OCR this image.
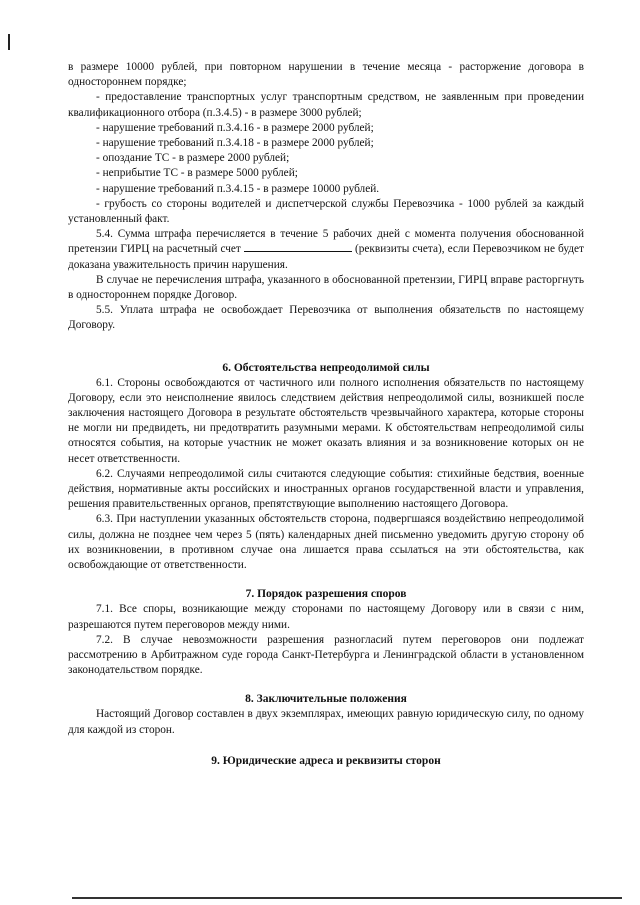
в размере 10000 рублей, при повторном нарушении в течение месяца - расторжение договора в одностороннем порядке;

- предоставление транспортных услуг транспортным средством, не заявленным при проведении квалификационного отбора (п.3.4.5) - в размере 3000 рублей;

- нарушение требований п.3.4.16 - в размере 2000 рублей;

- нарушение требований п.3.4.18 - в размере 2000 рублей;

- опоздание ТС - в размере 2000 рублей;

- неприбытие ТС - в размере 5000 рублей;

- нарушение требований п.3.4.15 - в размере 10000 рублей.

- грубость со стороны водителей и диспетчерской службы Перевозчика - 1000 рублей за каждый установленный факт.

5.4. Сумма штрафа перечисляется в течение 5 рабочих дней с момента получения обоснованной претензии ГИРЦ на расчетный счет	(реквизиты счета), если Перевозчиком не будет доказана уважительность причин нарушения.

В случае не перечисления штрафа, указанного в обоснованной претензии, ГИРЦ вправе расторгнуть в одностороннем порядке Договор.

5.5. Уплата штрафа не освобождает Перевозчика от выполнения обязательств по настоящему Договору.

6. Обстоятельства непреодолимой силы

6.1. Стороны освобождаются от частичного или полного исполнения обязательств по настоящему Договору, если это неисполнение явилось следствием действия непреодолимой силы, возникшей после заключения настоящего Договора в результате обстоятельств чрезвычайного характера, которые стороны не могли ни предвидеть, ни предотвратить разумными мерами. К обстоятельствам непреодолимой силы относятся события, на которые участник не может оказать влияния и за возникновение которых он не несет ответственности.

6.2. Случаями непреодолимой силы считаются следующие события: стихийные бедствия, военные действия, нормативные акты российских и иностранных органов государственной власти и управления, решения правительственных органов, препятствующие выполнению настоящего Договора.

6.3. При наступлении указанных обстоятельств сторона, подвергшаяся воздействию непреодолимой силы, должна не позднее чем через 5 (пять) календарных дней письменно уведомить другую сторону об их возникновении, в противном случае она лишается права ссылаться на эти обстоятельства, как освобождающие от ответственности.

7. Порядок разрешения споров

7.1. Все споры, возникающие между сторонами по настоящему Договору или в связи с ним, разрешаются путем переговоров между ними.

7.2. В случае невозможности разрешения разногласий путем переговоров они подлежат рассмотрению в Арбитражном суде города Санкт-Петербурга и Ленинградской области в установленном законодательством порядке.

8. Заключительные положения

Настоящий Договор составлен в двух экземплярах, имеющих равную юридическую силу, по одному для каждой из сторон.

9. Юридические адреса и реквизиты сторон
